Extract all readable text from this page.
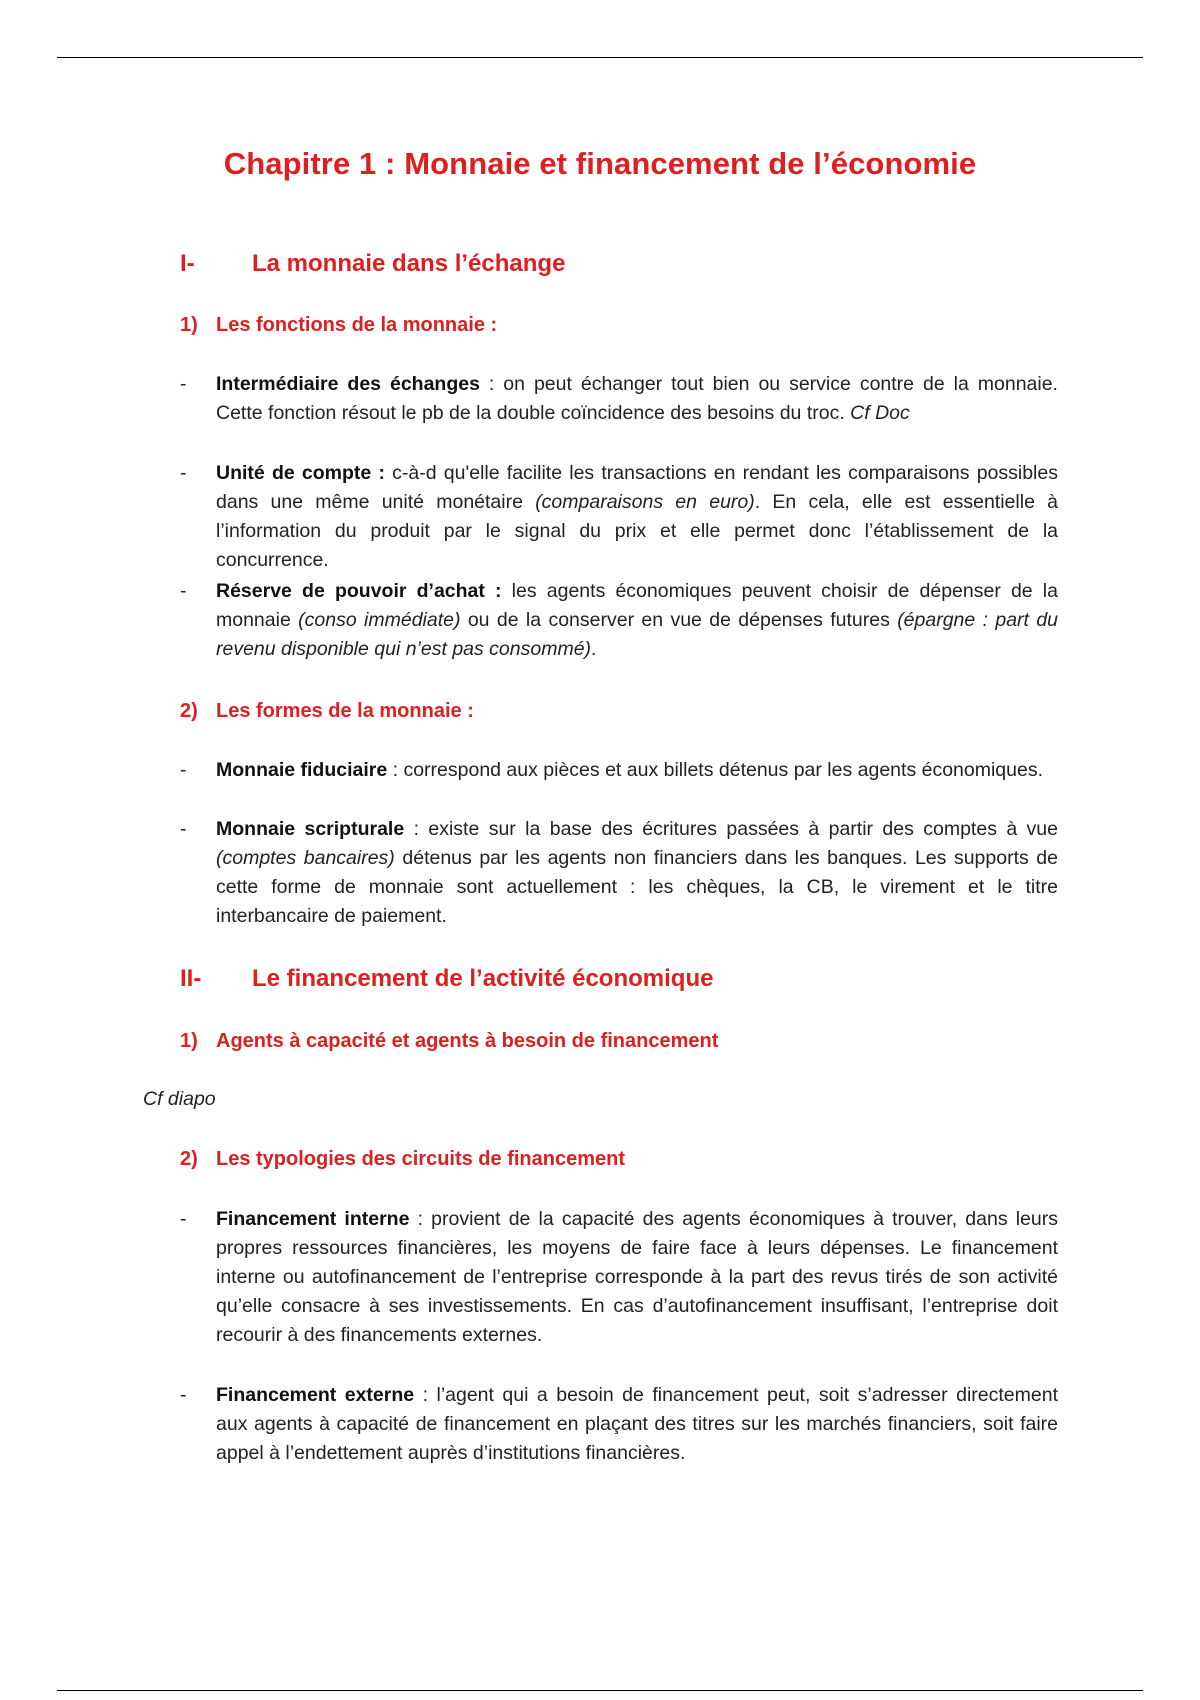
Chapitre 1 : Monnaie et financement de l’économie
I- La monnaie dans l’échange
1) Les fonctions de la monnaie :
- Intermédiaire des échanges : on peut échanger tout bien ou service contre de la monnaie. Cette fonction résout le pb de la double coïncidence des besoins du troc. Cf Doc
- Unité de compte : c-à-d qu'elle facilite les transactions en rendant les comparaisons possibles dans une même unité monétaire (comparaisons en euro). En cela, elle est essentielle à l’information du produit par le signal du prix et elle permet donc l’établissement de la concurrence.
- Réserve de pouvoir d’achat : les agents économiques peuvent choisir de dépenser de la monnaie (conso immédiate) ou de la conserver en vue de dépenses futures (épargne : part du revenu disponible qui n’est pas consommé).
2) Les formes de la monnaie :
- Monnaie fiduciaire : correspond aux pièces et aux billets détenus par les agents économiques.
- Monnaie scripturale : existe sur la base des écritures passées à partir des comptes à vue (comptes bancaires) détenus par les agents non financiers dans les banques. Les supports de cette forme de monnaie sont actuellement : les chèques, la CB, le virement et le titre interbancaire de paiement.
II- Le financement de l’activité économique
1) Agents à capacité et agents à besoin de financement
Cf diapo
2) Les typologies des circuits de financement
- Financement interne : provient de la capacité des agents économiques à trouver, dans leurs propres ressources financières, les moyens de faire face à leurs dépenses. Le financement interne ou autofinancement de l’entreprise corresponde à la part des revus tirés de son activité qu’elle consacre à ses investissements. En cas d’autofinancement insuffisant, l’entreprise doit recourir à des financements externes.
- Financement externe : l’agent qui a besoin de financement peut, soit s’adresser directement aux agents à capacité de financement en plaçant des titres sur les marchés financiers, soit faire appel à l’endettement auprès d’institutions financières.
